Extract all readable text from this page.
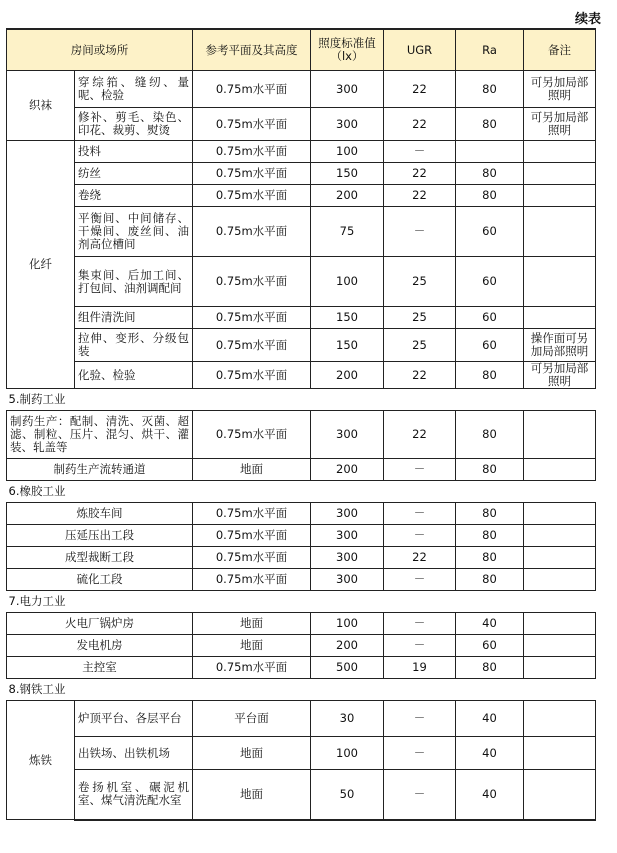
续表
房间或场所		参考平面及其高度	照度标准值（lx）	UGR	Ra	备注
织袜	穿综筘、缝纫、量呢、检验	0.75m水平面	300	22	80	可另加局部照明
	修补、剪毛、染色、印花、裁剪、熨烫	0.75m水平面	300	22	80	可另加局部照明
化纤	投料	0.75m水平面	100	－		
	纺丝	0.75m水平面	150	22	80	
	卷绕	0.75m水平面	200	22	80	
	平衡间、中间储存、干燥间、废丝间、油剂高位槽间	0.75m水平面	75	－	60	
	集束间、后加工间、打包间、油剂调配间	0.75m水平面	100	25	60	
	组件清洗间	0.75m水平面	150	25	60	
	拉伸、变形、分级包装	0.75m水平面	150	25	60	操作面可另加局部照明
	化验、检验	0.75m水平面	200	22	80	可另加局部照明
5.制药工业						
制药生产：配制、清洗、灭菌、超滤、制粒、压片、混匀、烘干、灌装、轧盖等		0.75m水平面	300	22	80	
制药生产流转通道		地面	200	－	80	
6.橡胶工业						
炼胶车间		0.75m水平面	300	－	80	
压延压出工段		0.75m水平面	300	－	80	
成型裁断工段		0.75m水平面	300	22	80	
硫化工段		0.75m水平面	300	－	80	
7.电力工业						
火电厂锅炉房		地面	100	－	40	
发电机房		地面	200	－	60	
主控室		0.75m水平面	500	19	80	
8.钢铁工业						
炼铁	炉顶平台、各层平台	平台面	30	－	40	
	出铁场、出铁机场	地面	100	－	40	
	卷扬机室、碾泥机室、煤气清洗配水室	地面	50	－	40	
